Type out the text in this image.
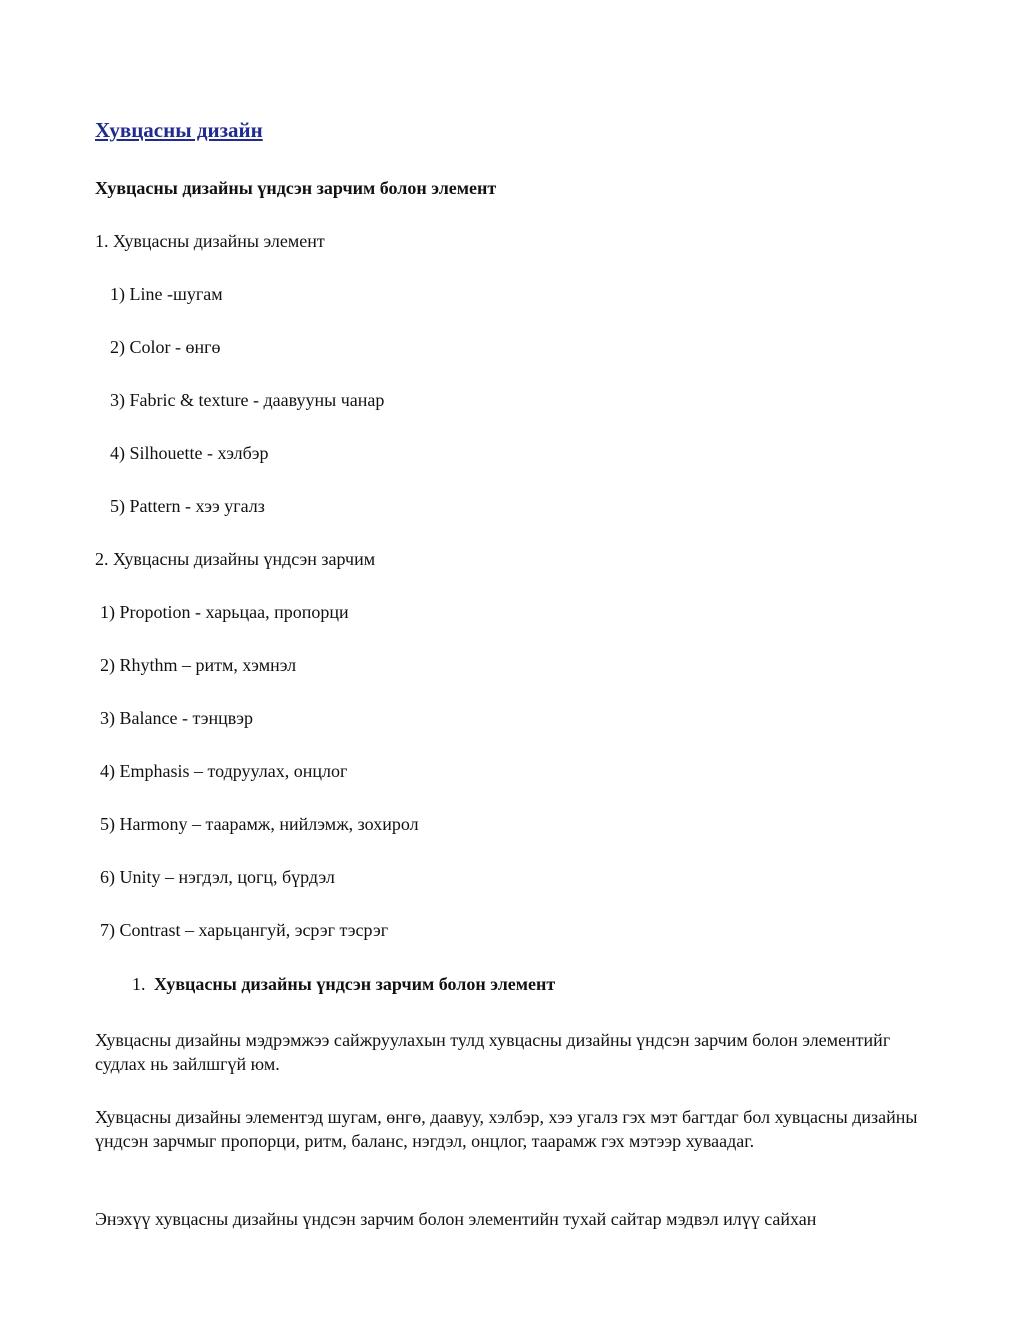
Хувцасны дизайн
Хувцасны дизайны үндсэн зарчим болон элемент
1. Хувцасны дизайны элемент
1) Line -шугам
2) Color - өнгө
3) Fabric & texture - даавууны чанар
4) Silhouette - хэлбэр
5) Pattern - хээ угалз
2. Хувцасны дизайны үндсэн зарчим
1) Propotion - харьцаа, пропорци
2) Rhythm – ритм, хэмнэл
3) Balance - тэнцвэр
4) Emphasis – тодруулах, онцлог
5) Harmony – таарамж, нийлэмж, зохирол
6) Unity – нэгдэл, цогц, бүрдэл
7) Contrast – харьцангуй, эсрэг тэсрэг
1. Хувцасны дизайны үндсэн зарчим болон элемент
Хувцасны дизайны мэдрэмжээ сайжруулахын тулд хувцасны дизайны үндсэн зарчим болон элементийг судлах нь зайлшгүй юм.
Хувцасны дизайны элементэд шугам, өнгө, даавуу, хэлбэр, хээ угалз гэх мэт багтдаг бол хувцасны дизайны үндсэн зарчмыг пропорци, ритм, баланс, нэгдэл, онцлог, таарамж гэх мэтээр хуваадаг.
Энэхүү хувцасны дизайны үндсэн зарчим болон элементийн тухай сайтар мэдвэл илүү сайхан
